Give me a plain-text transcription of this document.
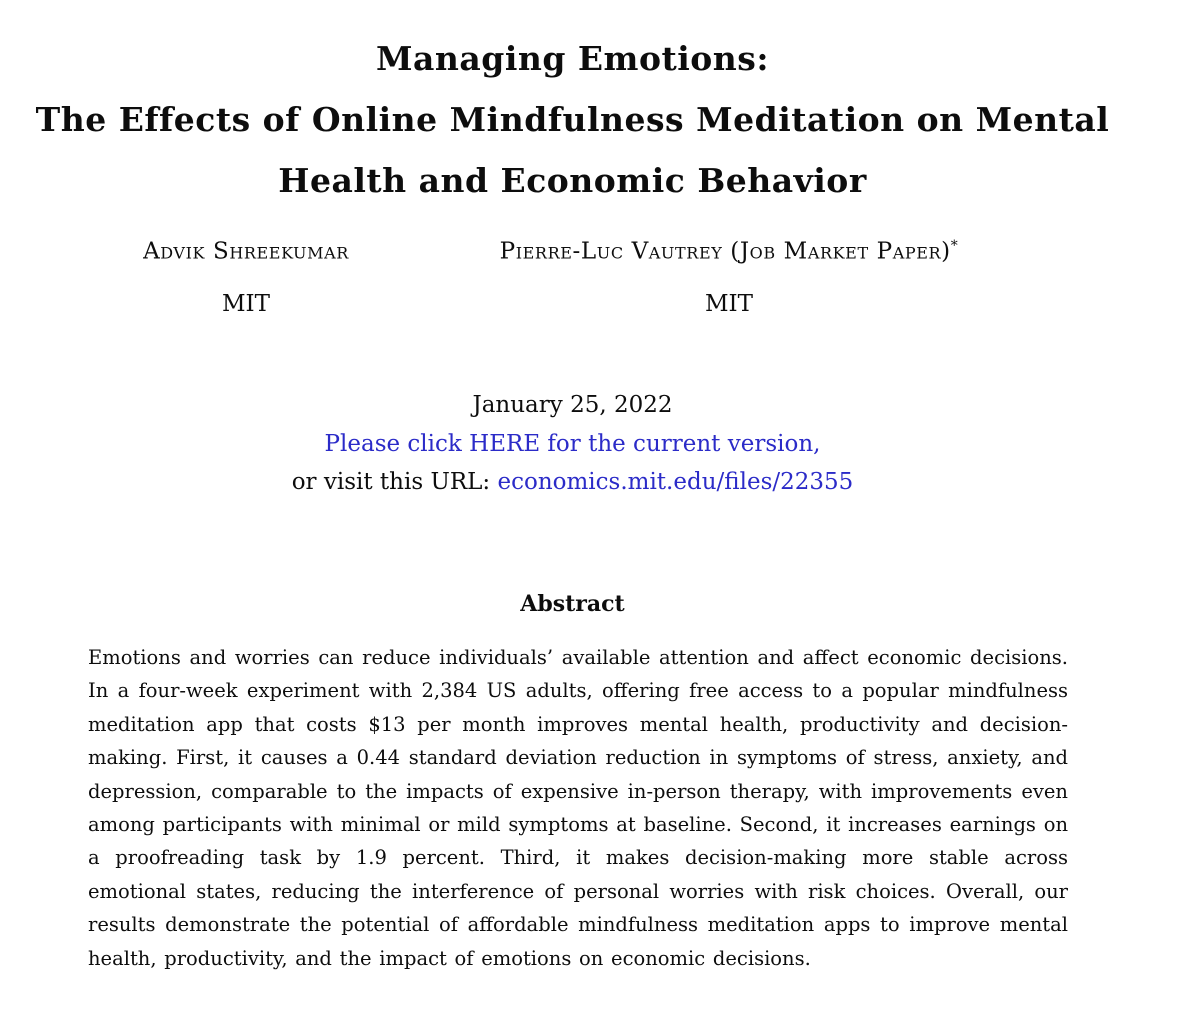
Managing Emotions:
The Effects of Online Mindfulness Meditation on Mental
Health and Economic Behavior
Advik Shreekumar
MIT
Pierre-Luc Vautrey (Job Market Paper)*
MIT
January 25, 2022
Please click HERE for the current version,
or visit this URL: economics.mit.edu/files/22355
Abstract
Emotions and worries can reduce individuals’ available attention and affect economic decisions. In a four-week experiment with 2,384 US adults, offering free access to a popular mindfulness meditation app that costs $13 per month improves mental health, productivity and decision-making. First, it causes a 0.44 standard deviation reduction in symptoms of stress, anxiety, and depression, comparable to the impacts of expensive in-person therapy, with improvements even among participants with minimal or mild symptoms at baseline. Second, it increases earnings on a proofreading task by 1.9 percent. Third, it makes decision-making more stable across emotional states, reducing the interference of personal worries with risk choices. Overall, our results demonstrate the potential of affordable mindfulness meditation apps to improve mental health, productivity, and the impact of emotions on economic decisions.
